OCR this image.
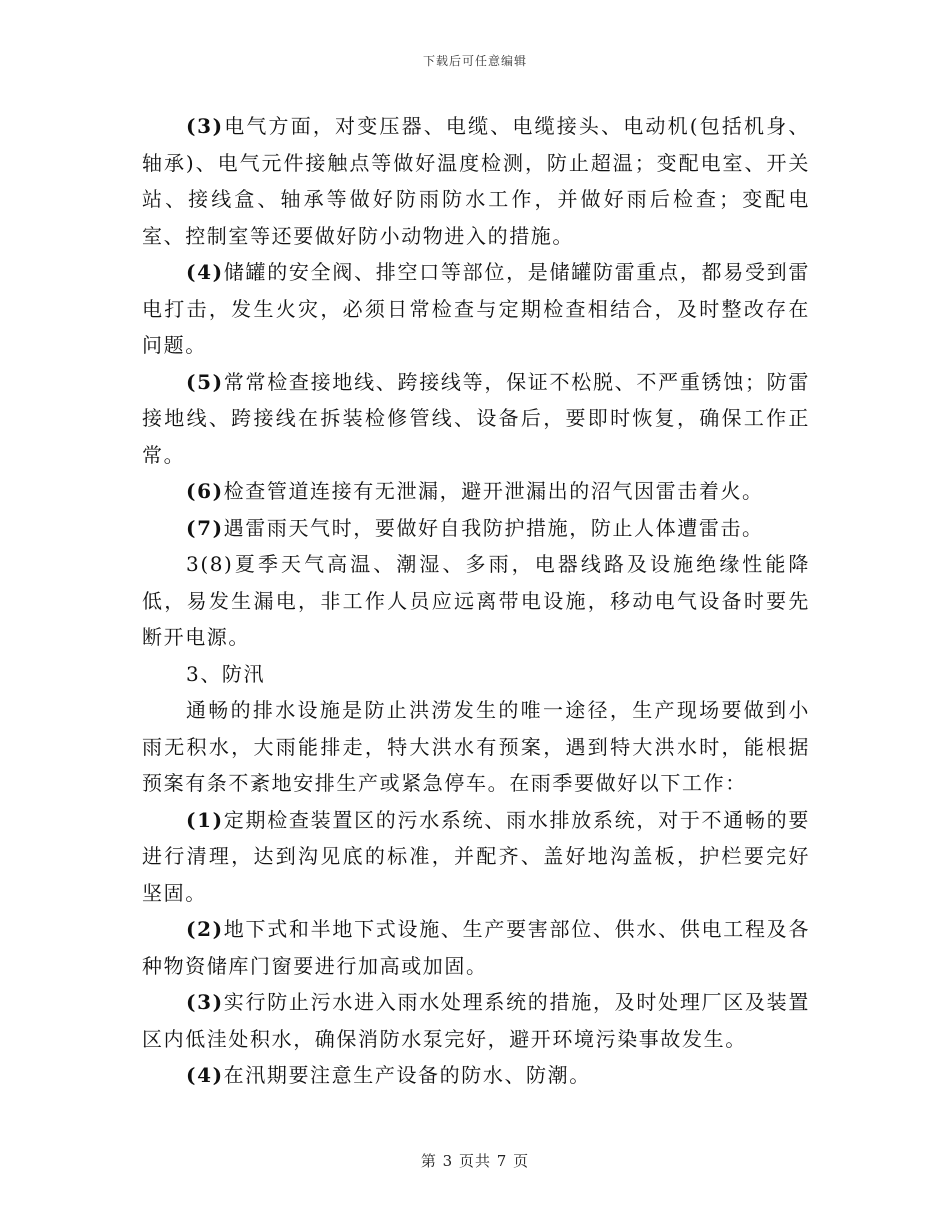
下载后可任意编辑

(3)电气方面，对变压器、电缆、电缆接头、电动机(包括机身、轴承)、电气元件接触点等做好温度检测，防止超温；变配电室、开关站、接线盒、轴承等做好防雨防水工作，并做好雨后检查；变配电室、控制室等还要做好防小动物进入的措施。

(4)储罐的安全阀、排空口等部位，是储罐防雷重点，都易受到雷电打击，发生火灾，必须日常检查与定期检查相结合，及时整改存在问题。

(5)常常检查接地线、跨接线等，保证不松脱、不严重锈蚀；防雷接地线、跨接线在拆装检修管线、设备后，要即时恢复，确保工作正常。

(6)检查管道连接有无泄漏，避开泄漏出的沼气因雷击着火。

(7)遇雷雨天气时，要做好自我防护措施，防止人体遭雷击。

3(8)夏季天气高温、潮湿、多雨，电器线路及设施绝缘性能降低，易发生漏电，非工作人员应远离带电设施，移动电气设备时要先断开电源。

3、防汛

通畅的排水设施是防止洪涝发生的唯一途径，生产现场要做到小雨无积水，大雨能排走，特大洪水有预案，遇到特大洪水时，能根据预案有条不紊地安排生产或紧急停车。在雨季要做好以下工作：

(1)定期检查装置区的污水系统、雨水排放系统，对于不通畅的要进行清理，达到沟见底的标准，并配齐、盖好地沟盖板，护栏要完好坚固。

(2)地下式和半地下式设施、生产要害部位、供水、供电工程及各种物资储库门窗要进行加高或加固。

(3)实行防止污水进入雨水处理系统的措施，及时处理厂区及装置区内低洼处积水，确保消防水泵完好，避开环境污染事故发生。

(4)在汛期要注意生产设备的防水、防潮。

第 3 页共 7 页
